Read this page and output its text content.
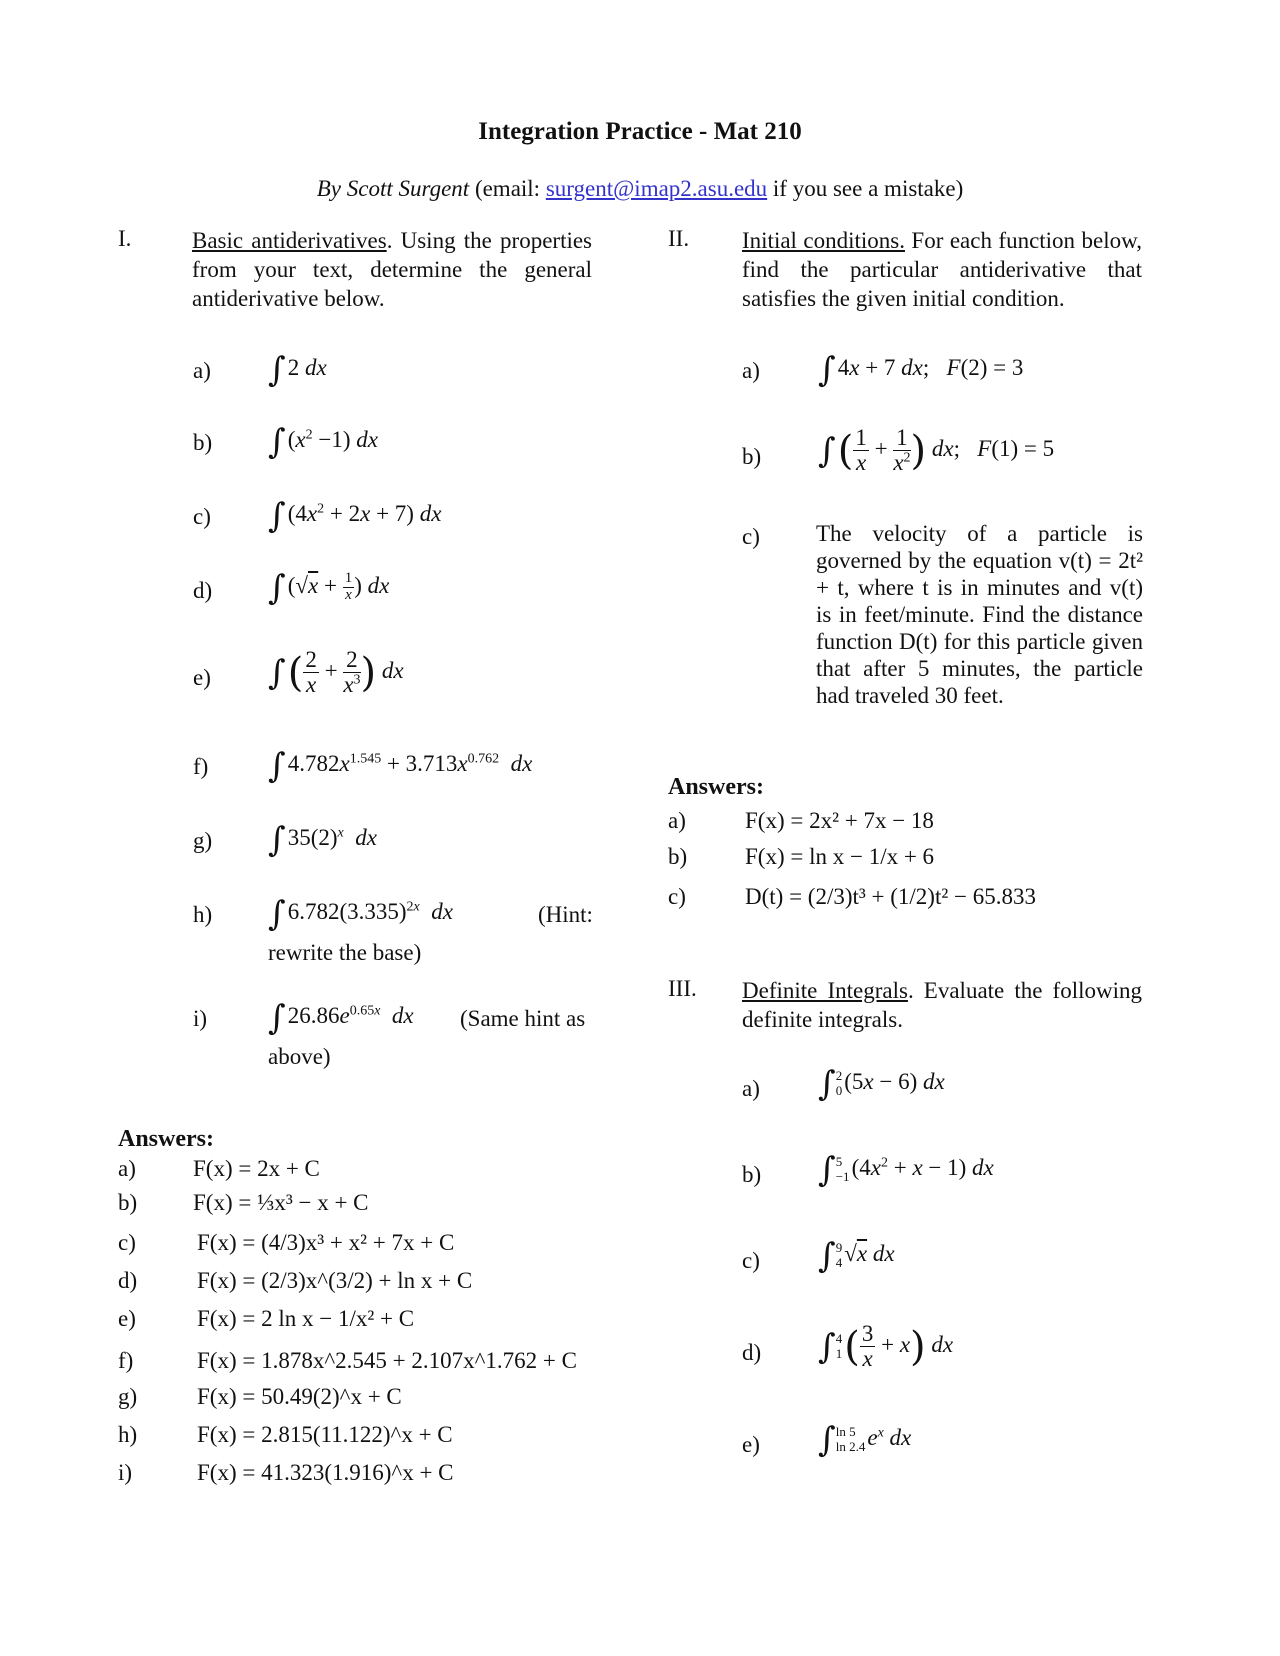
Integration Practice - Mat 210
By Scott Surgent (email: surgent@imap2.asu.edu if you see a mistake)
I.	Basic antiderivatives. Using the properties from your text, determine the general antiderivative below.
a) ∫2 dx
b) $\int(x^2 -1)$ dx
c) $\int(4x^2 + 2x + 7)$ dx
d) $\int(√x + \frac{1}{x}$ ) dx
e) ∫( $\frac{2}{x} + \frac{2}{x^3}$ ) dx
f) $\int 4.782x^{1.545} + 3.713x^{0.762}$ dx
g) $\int 35(2)^x$ dx
h) $\int 6.782(3.335)^{2x}$ dx	(Hint:
rewrite the base)
i) $\int 26.86e^{0.65x}$ dx (Same hint as
above)
Answers:
a) F(x) = 2x + C
b) F(x) = ⅓x³ − x + C
c)	F(x) = (4/3)x³ + x² + 7x + C
d)	F(x) = (2/3)x^(3/2) + ln x + C
e)	F(x) = 2 ln x − 1/x² + C
f)	F(x) = 1.878x^2.545 + 2.107x^1.762 + C
g)	F(x) = 50.49(2)^x + C
h)	F(x) = 2.815(11.122)^x + C
i)	F(x) = 41.323(1.916)^x + C
II. Initial conditions. For each function below, find the particular antiderivative that satisfies the given initial condition.
a) ∫4x + 7 dx;   F(2) = 3
b) ∫( $\frac{1}{x} + \frac{1}{x^2}$ ) dx;   F(1) = 5
c) The velocity of a particle is governed by the equation v(t) = 2t² + t, where t is in minutes and v(t) is in feet/minute. Find the distance function D(t) for this particle given that after 5 minutes, the particle had traveled 30 feet.
Answers:
a)	F(x) = 2x² + 7x − 18
b)	F(x) = ln x − 1/x + 6
c)	D(t) = (2/3)t³ + (1/2)t² − 65.833
III. Definite Integrals. Evaluate the following definite integrals.
a) ∫ 2
0 (5x − 6) dx
b) ∫ 5
−1 $(4x^2 + x - 1)$ dx
c) ∫ 9
4 √x dx
d) ∫ 4
1 ( $\frac{3}{x} + x$) dx
e) ∫ ln 5
ln 2.4 $e^x$ dx
